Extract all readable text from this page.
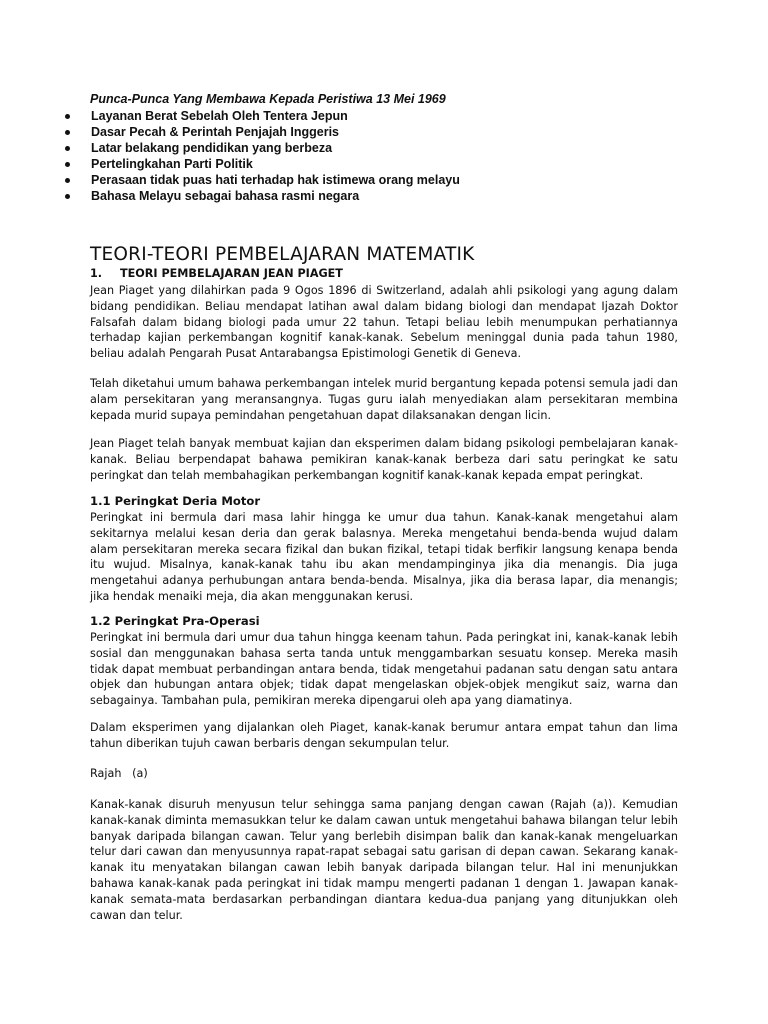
Punca-Punca Yang Membawa Kepada Peristiwa 13 Mei 1969
Layanan Berat Sebelah Oleh Tentera Jepun
Dasar Pecah & Perintah Penjajah Inggeris
Latar belakang pendidikan yang berbeza
Pertelingkahan Parti Politik
Perasaan tidak puas hati terhadap hak istimewa orang melayu
Bahasa Melayu sebagai bahasa rasmi negara
TEORI-TEORI PEMBELAJARAN MATEMATIK
1. TEORI PEMBELAJARAN JEAN PIAGET

Jean Piaget yang dilahirkan pada 9 Ogos 1896 di Switzerland, adalah ahli psikologi yang agung dalam bidang pendidikan. Beliau mendapat latihan awal dalam bidang biologi dan mendapat Ijazah Doktor Falsafah dalam bidang biologi pada umur 22 tahun. Tetapi beliau lebih menumpukan perhatiannya terhadap kajian perkembangan kognitif kanak-kanak. Sebelum meninggal dunia pada tahun 1980, beliau adalah Pengarah Pusat Antarabangsa Epistimologi Genetik di Geneva.

Telah diketahui umum bahawa perkembangan intelek murid bergantung kepada potensi semula jadi dan alam persekitaran yang meransangnya. Tugas guru ialah menyediakan alam persekitaran membina kepada murid supaya pemindahan pengetahuan dapat dilaksanakan dengan licin.

Jean Piaget telah banyak membuat kajian dan eksperimen dalam bidang psikologi pembelajaran kanak-kanak. Beliau berpendapat bahawa pemikiran kanak-kanak berbeza dari satu peringkat ke satu peringkat dan telah membahagikan perkembangan kognitif kanak-kanak kepada empat peringkat.

1.1 Peringkat Deria Motor

Peringkat ini bermula dari masa lahir hingga ke umur dua tahun. Kanak-kanak mengetahui alam sekitarnya melalui kesan deria dan gerak balasnya. Mereka mengetahui benda-benda wujud dalam alam persekitaran mereka secara fizikal dan bukan fizikal, tetapi tidak berfikir langsung kenapa benda itu wujud. Misalnya, kanak-kanak tahu ibu akan mendampinginya jika dia menangis. Dia juga mengetahui adanya perhubungan antara benda-benda. Misalnya, jika dia berasa lapar, dia menangis; jika hendak menaiki meja, dia akan menggunakan kerusi.

1.2 Peringkat Pra-Operasi

Peringkat ini bermula dari umur dua tahun hingga keenam tahun. Pada peringkat ini, kanak-kanak lebih sosial dan menggunakan bahasa serta tanda untuk menggambarkan sesuatu konsep. Mereka masih tidak dapat membuat perbandingan antara benda, tidak mengetahui padanan satu dengan satu antara objek dan hubungan antara objek; tidak dapat mengelaskan objek-objek mengikut saiz, warna dan sebagainya. Tambahan pula, pemikiran mereka dipengarui oleh apa yang diamatinya.

Dalam eksperimen yang dijalankan oleh Piaget, kanak-kanak berumur antara empat tahun dan lima tahun diberikan tujuh cawan berbaris dengan sekumpulan telur.

Rajah   (a)

Kanak-kanak disuruh menyusun telur sehingga sama panjang dengan cawan (Rajah (a)). Kemudian kanak-kanak diminta memasukkan telur ke dalam cawan untuk mengetahui bahawa bilangan telur lebih banyak daripada bilangan cawan. Telur yang berlebih disimpan balik dan kanak-kanak mengeluarkan telur dari cawan dan menyusunnya rapat-rapat sebagai satu garisan di depan cawan. Sekarang kanak-kanak itu menyatakan bilangan cawan lebih banyak daripada bilangan telur. Hal ini menunjukkan bahawa kanak-kanak pada peringkat ini tidak mampu mengerti padanan 1 dengan 1. Jawapan kanak-kanak semata-mata berdasarkan perbandingan diantara kedua-dua panjang yang ditunjukkan oleh cawan dan telur.
